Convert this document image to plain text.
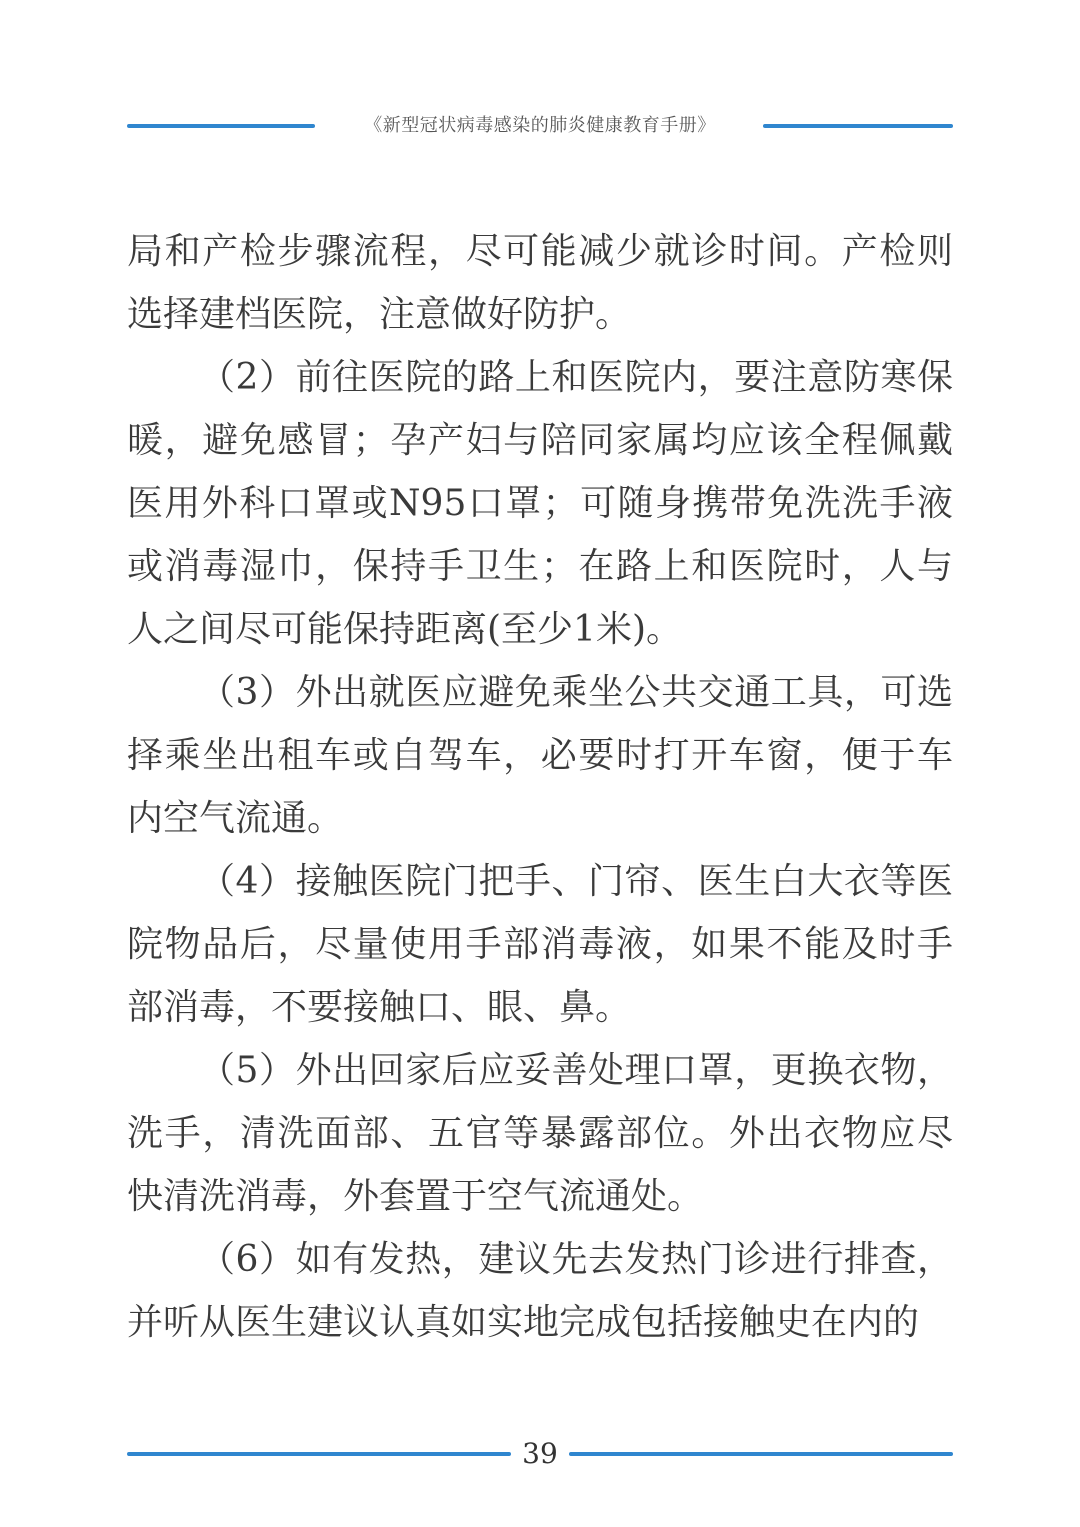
《新型冠状病毒感染的肺炎健康教育手册》

局和产检步骤流程，尽可能减少就诊时间。产检则选择建档医院，注意做好防护。

（2）前往医院的路上和医院内，要注意防寒保暖，避免感冒；孕产妇与陪同家属均应该全程佩戴医用外科口罩或N95口罩；可随身携带免洗洗手液或消毒湿巾，保持手卫生；在路上和医院时，人与人之间尽可能保持距离(至少1米)。

（3）外出就医应避免乘坐公共交通工具，可选择乘坐出租车或自驾车，必要时打开车窗，便于车内空气流通。

（4）接触医院门把手、门帘、医生白大衣等医院物品后，尽量使用手部消毒液，如果不能及时手部消毒，不要接触口、眼、鼻。

（5）外出回家后应妥善处理口罩，更换衣物，洗手，清洗面部、五官等暴露部位。外出衣物应尽快清洗消毒，外套置于空气流通处。

（6）如有发热，建议先去发热门诊进行排查，并听从医生建议认真如实地完成包括接触史在内的

39
